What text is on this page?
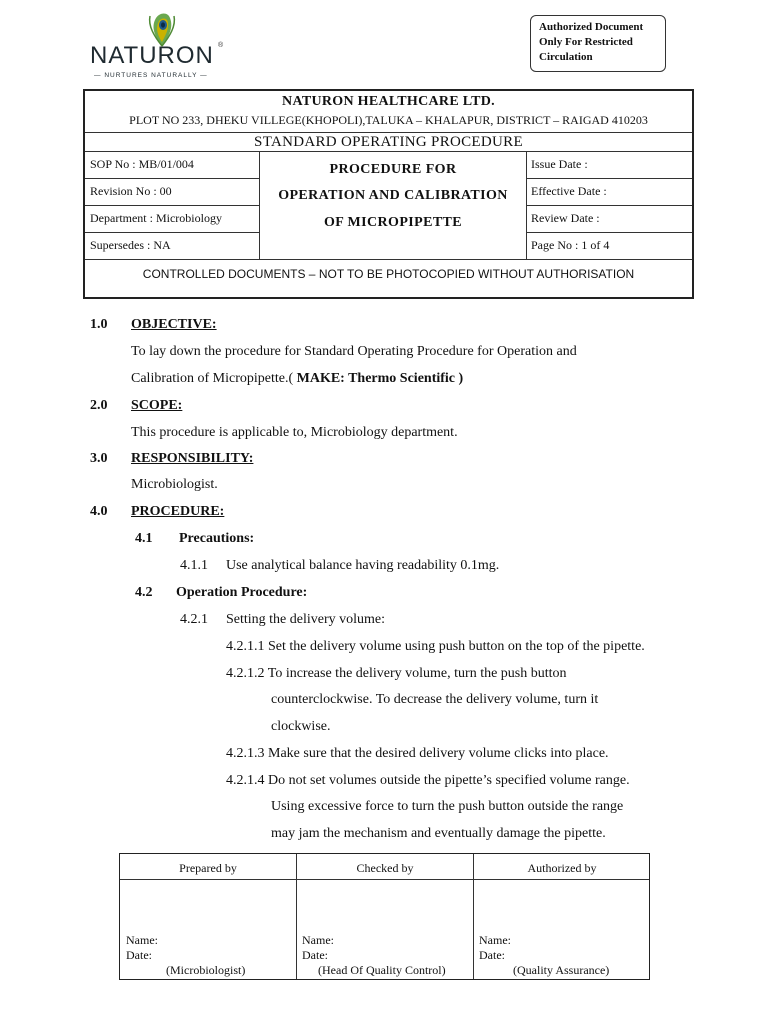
NATURON ®
— NURTURES NATURALLY —
Authorized Document
Only For Restricted
Circulation
NATURON HEALTHCARE LTD.
PLOT NO 233, DHEKU VILLEGE(KHOPOLI),TALUKA – KHALAPUR, DISTRICT – RAIGAD 410203
STANDARD OPERATING PROCEDURE
SOP No : MB/01/004
Revision No : 00
Department : Microbiology
Supersedes : NA
PROCEDURE FOR
OPERATION AND CALIBRATION
OF MICROPIPETTE
Issue Date :
Effective Date :
Review Date :
Page No : 1 of 4
CONTROLLED DOCUMENTS – NOT TO BE PHOTOCOPIED WITHOUT AUTHORISATION
1.0 OBJECTIVE:
To lay down the procedure for Standard Operating Procedure for Operation and
Calibration of Micropipette.( MAKE: Thermo Scientific )
2.0 SCOPE:
This procedure is applicable to, Microbiology department.
3.0 RESPONSIBILITY:
Microbiologist.
4.0 PROCEDURE:
4.1 Precautions:
4.1.1 Use analytical balance having readability 0.1mg.
4.2 Operation Procedure:
4.2.1 Setting the delivery volume:
4.2.1.1 Set the delivery volume using push button on the top of the pipette.
4.2.1.2 To increase the delivery volume, turn the push button
counterclockwise. To decrease the delivery volume, turn it
clockwise.
4.2.1.3 Make sure that the desired delivery volume clicks into place.
4.2.1.4 Do not set volumes outside the pipette’s specified volume range.
Using excessive force to turn the push button outside the range
may jam the mechanism and eventually damage the pipette.
Prepared by	Checked by	Authorized by
Name:
Date:
(Microbiologist)
Name:
Date:
(Head Of Quality Control)
Name:
Date:
(Quality Assurance)
